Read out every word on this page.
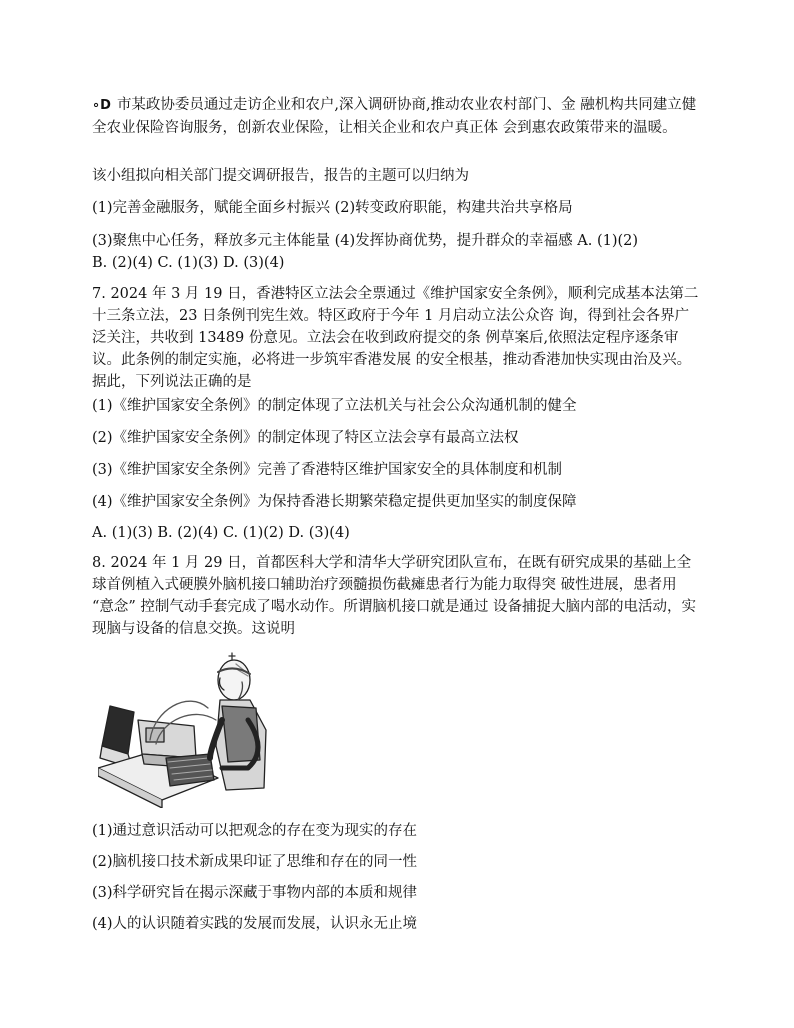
∘D 市某政协委员通过走访企业和农户,深入调研协商,推动农业农村部门、金 融机构共同建立健全农业保险咨询服务，创新农业保险，让相关企业和农户真正体 会到惠农政策带来的温暖。

该小组拟向相关部门提交调研报告，报告的主题可以归纳为
(1)完善金融服务，赋能全面乡村振兴 (2)转变政府职能，构建共治共享格局
(3)聚焦中心任务，释放多元主体能量 (4)发挥协商优势，提升群众的幸福感 A. (1)(2)
B. (2)(4) C. (1)(3) D. (3)(4)

7. 2024 年 3 月 19 日，香港特区立法会全票通过《维护国家安全条例》，顺利完成基本法第二十三条立法，23 日条例刊宪生效。特区政府于今年 1 月启动立法公众咨 询，得到社会各界广泛关注，共收到 13489 份意见。立法会在收到政府提交的条 例草案后,依照法定程序逐条审议。此条例的制定实施，必将进一步筑牢香港发展 的安全根基，推动香港加快实现由治及兴。据此，下列说法正确的是

(1)《维护国家安全条例》的制定体现了立法机关与社会公众沟通机制的健全
(2)《维护国家安全条例》的制定体现了特区立法会享有最高立法权
(3)《维护国家安全条例》完善了香港特区维护国家安全的具体制度和机制
(4)《维护国家安全条例》为保持香港长期繁荣稳定提供更加坚实的制度保障
A. (1)(3) B. (2)(4) C. (1)(2) D. (3)(4)

8. 2024 年 1 月 29 日，首都医科大学和清华大学研究团队宣布，在既有研究成果的基础上全球首例植入式硬膜外脑机接口辅助治疗颈髓损伤截瘫患者行为能力取得突 破性进展，患者用 “意念” 控制气动手套完成了喝水动作。所谓脑机接口就是通过 设备捕捉大脑内部的电活动，实现脑与设备的信息交换。这说明

(1)通过意识活动可以把观念的存在变为现实的存在
(2)脑机接口技术新成果印证了思维和存在的同一性
(3)科学研究旨在揭示深藏于事物内部的本质和规律
(4)人的认识随着实践的发展而发展，认识永无止境
